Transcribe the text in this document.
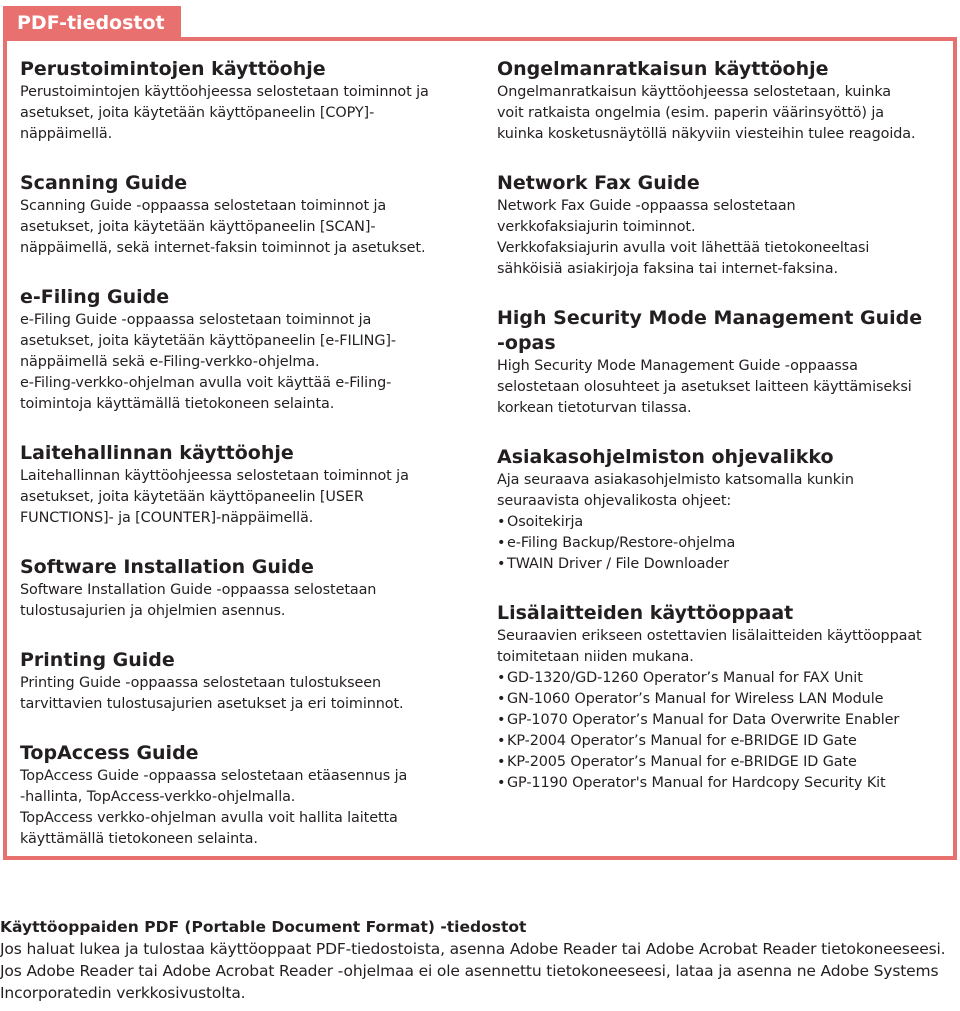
PDF-tiedostot
Perustoimintojen käyttöohje

Perustoimintojen käyttöohjeessa selostetaan toiminnot ja

asetukset, joita käytetään käyttöpaneelin [COPY]-

näppäimellä.

Scanning Guide

Scanning Guide -oppaassa selostetaan toiminnot ja

asetukset, joita käytetään käyttöpaneelin [SCAN]-

näppäimellä, sekä internet-faksin toiminnot ja asetukset.

e-Filing Guide

e-Filing Guide -oppaassa selostetaan toiminnot ja

asetukset, joita käytetään käyttöpaneelin [e-FILING]-

näppäimellä sekä e-Filing-verkko-ohjelma.

e-Filing-verkko-ohjelman avulla voit käyttää e-Filing-

toimintoja käyttämällä tietokoneen selainta.

Laitehallinnan käyttöohje

Laitehallinnan käyttöohjeessa selostetaan toiminnot ja

asetukset, joita käytetään käyttöpaneelin [USER

FUNCTIONS]- ja [COUNTER]-näppäimellä.

Software Installation Guide

Software Installation Guide -oppaassa selostetaan

tulostusajurien ja ohjelmien asennus.

Printing Guide

Printing Guide -oppaassa selostetaan tulostukseen

tarvittavien tulostusajurien asetukset ja eri toiminnot.

TopAccess Guide

TopAccess Guide -oppaassa selostetaan etäasennus ja

-hallinta, TopAccess-verkko-ohjelmalla.

TopAccess verkko-ohjelman avulla voit hallita laitetta

käyttämällä tietokoneen selainta.

Ongelmanratkaisun käyttöohje

Ongelmanratkaisun käyttöohjeessa selostetaan, kuinka

voit ratkaista ongelmia (esim. paperin väärinsyöttö) ja

kuinka kosketusnäytöllä näkyviin viesteihin tulee reagoida.

Network Fax Guide

Network Fax Guide -oppaassa selostetaan

verkkofaksiajurin toiminnot.

Verkkofaksiajurin avulla voit lähettää tietokoneeltasi

sähköisiä asiakirjoja faksina tai internet-faksina.

High Security Mode Management Guide
-opas

High Security Mode Management Guide -oppaassa

selostetaan olosuhteet ja asetukset laitteen käyttämiseksi

korkean tietoturvan tilassa.

Asiakasohjelmiston ohjevalikko

Aja seuraava asiakasohjelmisto katsomalla kunkin

seuraavista ohjevalikosta ohjeet:

• Osoitekirja
• e-Filing Backup/Restore-ohjelma
• TWAIN Driver / File Downloader
Lisälaitteiden käyttöoppaat

Seuraavien erikseen ostettavien lisälaitteiden käyttöoppaat

toimitetaan niiden mukana.

• GD-1320/GD-1260 Operator’s Manual for FAX Unit
• GN-1060 Operator’s Manual for Wireless LAN Module
• GP-1070 Operator’s Manual for Data Overwrite Enabler
• KP-2004 Operator’s Manual for e-BRIDGE ID Gate
• KP-2005 Operator’s Manual for e-BRIDGE ID Gate
• GP-1190 Operator's Manual for Hardcopy Security Kit
Käyttöoppaiden PDF (Portable Document Format) -tiedostot

Jos haluat lukea ja tulostaa käyttöoppaat PDF-tiedostoista, asenna Adobe Reader tai Adobe Acrobat Reader tietokoneeseesi.

Jos Adobe Reader tai Adobe Acrobat Reader -ohjelmaa ei ole asennettu tietokoneeseesi, lataa ja asenna ne Adobe Systems

Incorporatedin verkkosivustolta.
